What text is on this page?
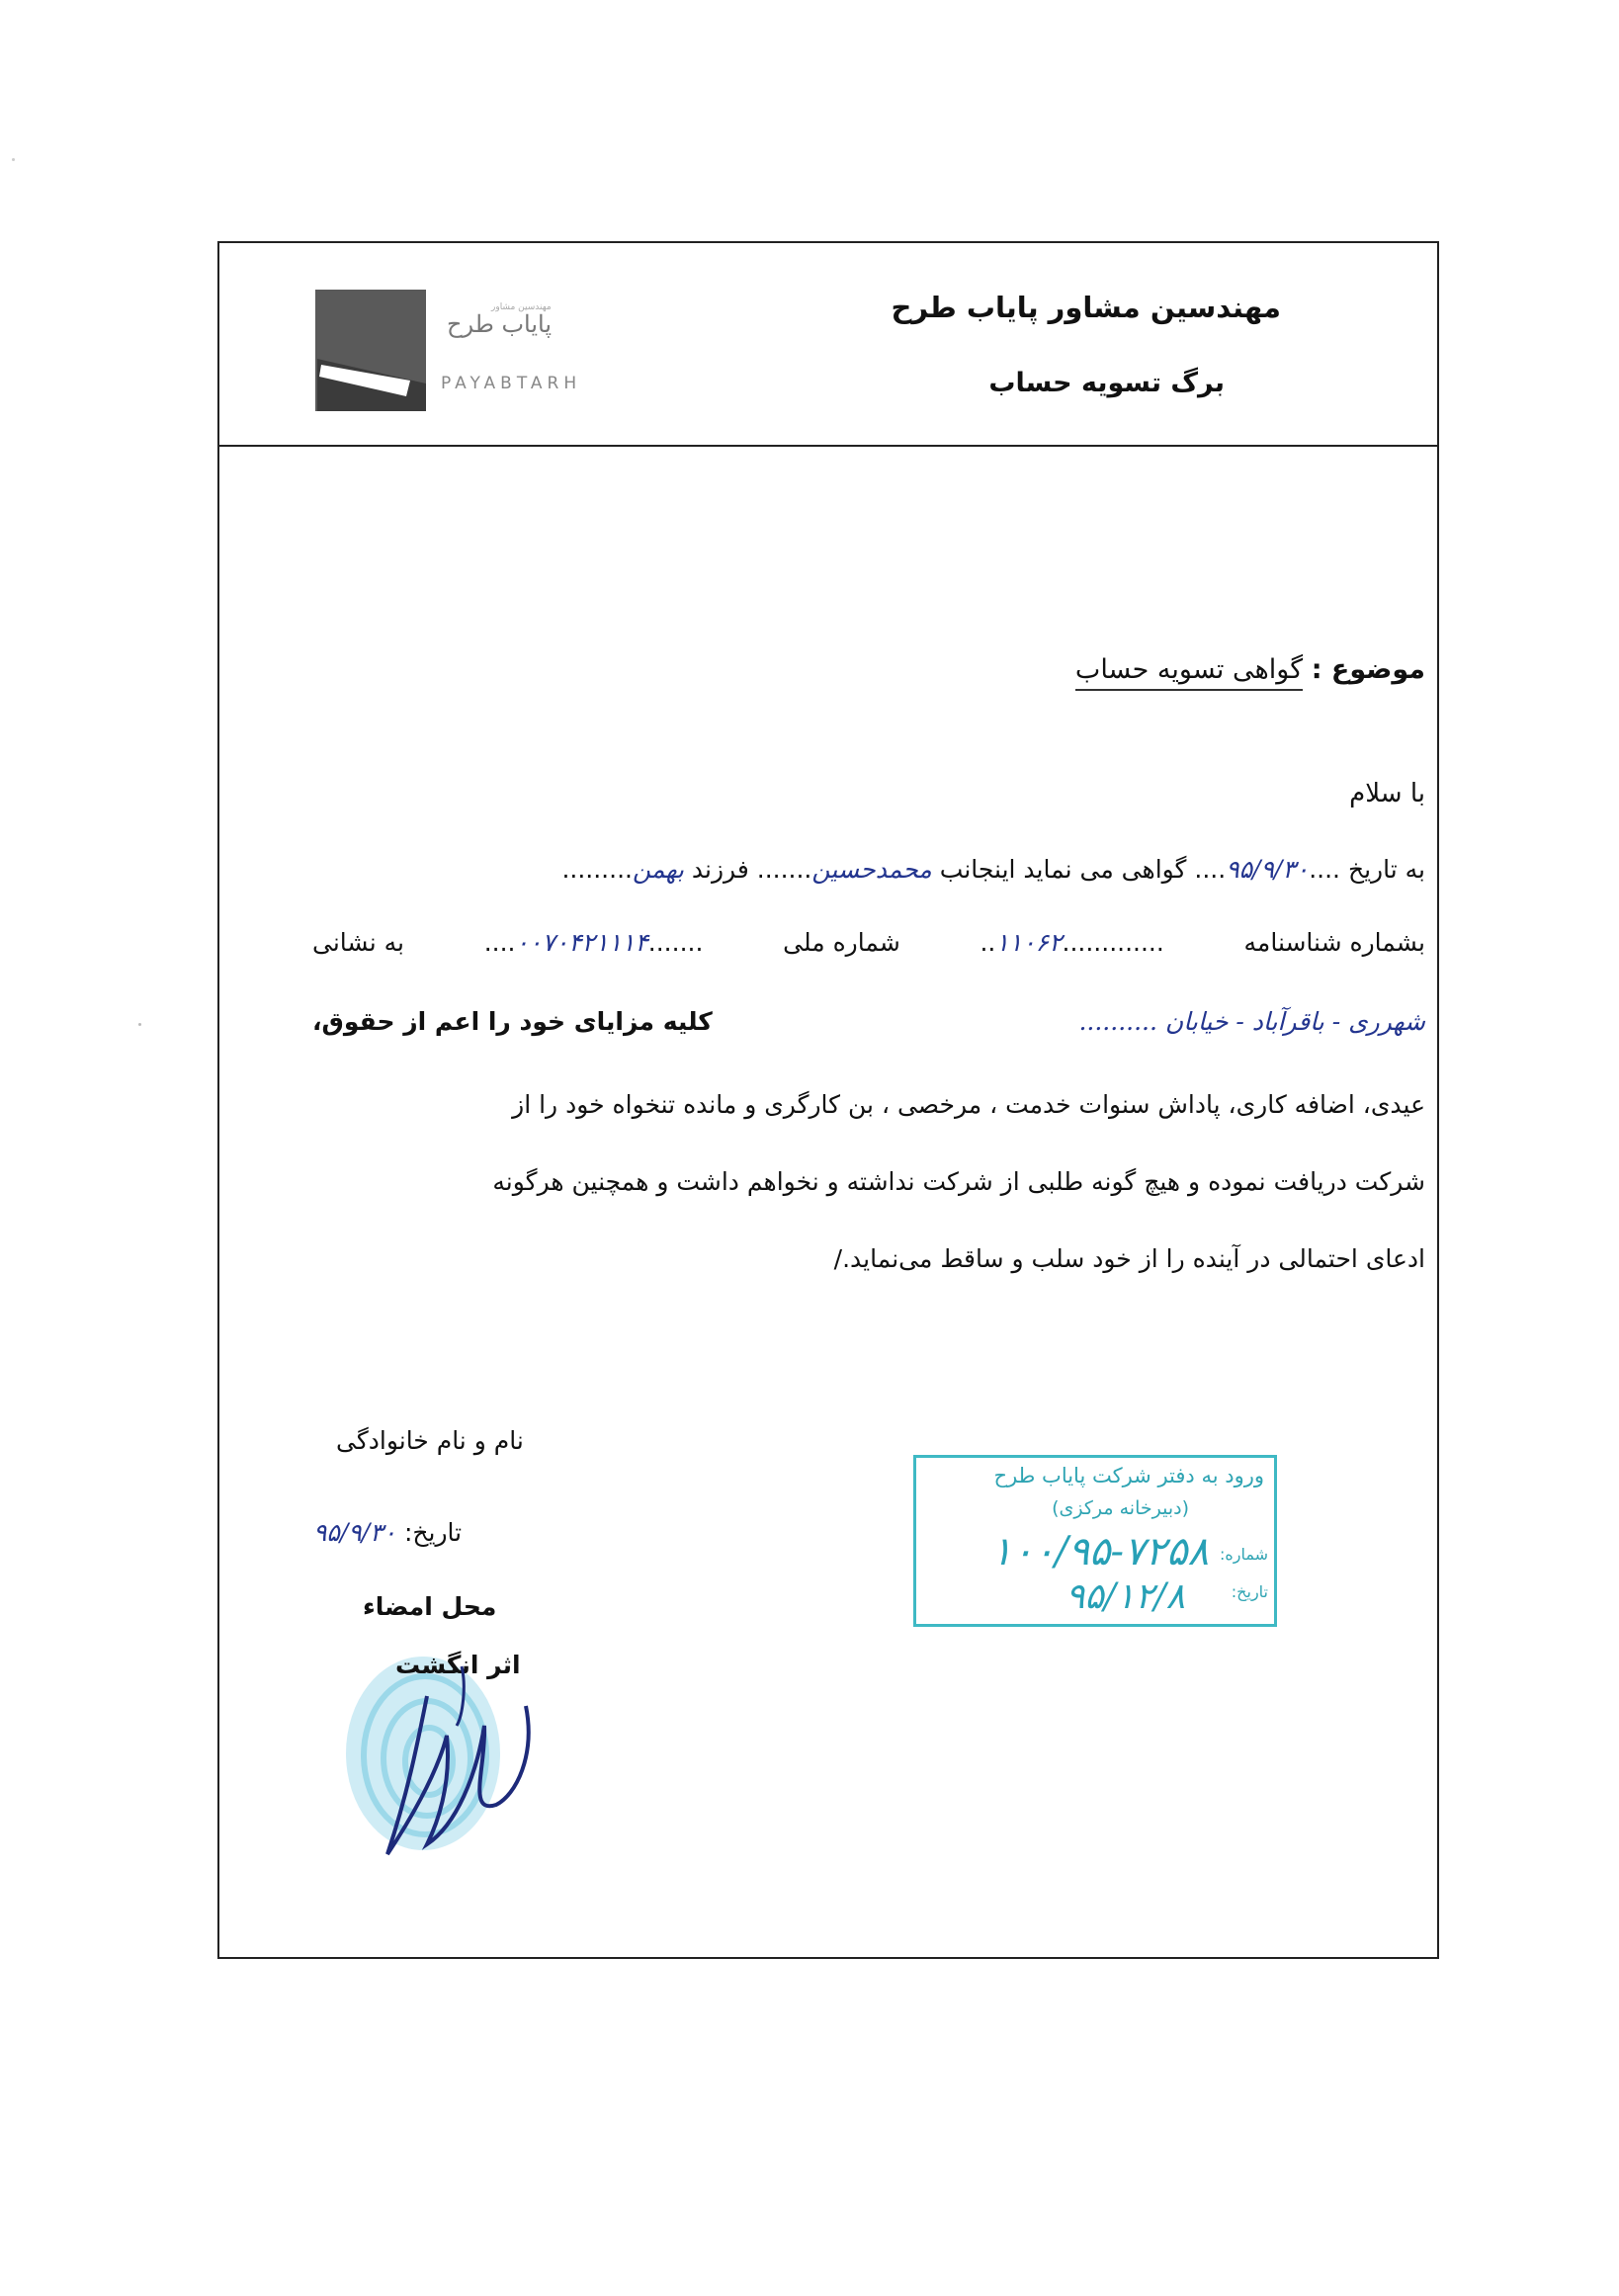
مهندسین مشاور پایاب طرح
برگ تسویه حساب
مهندسین مشاور
پایاب طرح
PAYABTARH
موضوع : گواهی تسویه حساب
با سلام
به تاریخ ....۹۵/۹/۳۰.... گواهی می نماید اینجانب محمدحسین....... فرزند بهمن.........
بشماره شناسنامه
.............۱۱۰۶۲..
شماره ملی
.......۰۰۷۰۴۲۱۱۱۴....
به نشانی
شهرری - باقرآباد - خیابان ..........
کلیه مزایای خود را اعم از حقوق،
عیدی، اضافه کاری، پاداش سنوات خدمت ، مرخصی ، بن کارگری و مانده تنخواه خود را از
شرکت دریافت نموده و هیچ گونه طلبی از شرکت نداشته و نخواهم داشت و همچنین هرگونه
ادعای احتمالی در آینده را از خود سلب و ساقط می‌نماید./
نام و نام خانوادگی
تاریخ: ۹۵/۹/۳۰
محل امضاء
اثر انگشت
ورود به دفتر شرکت پایاب طرح
(دبیرخانه مرکزی)
شماره:
۱۰۰/۹۵-۷۲۵۸
تاریخ:
۹۵/۱۲/۸
